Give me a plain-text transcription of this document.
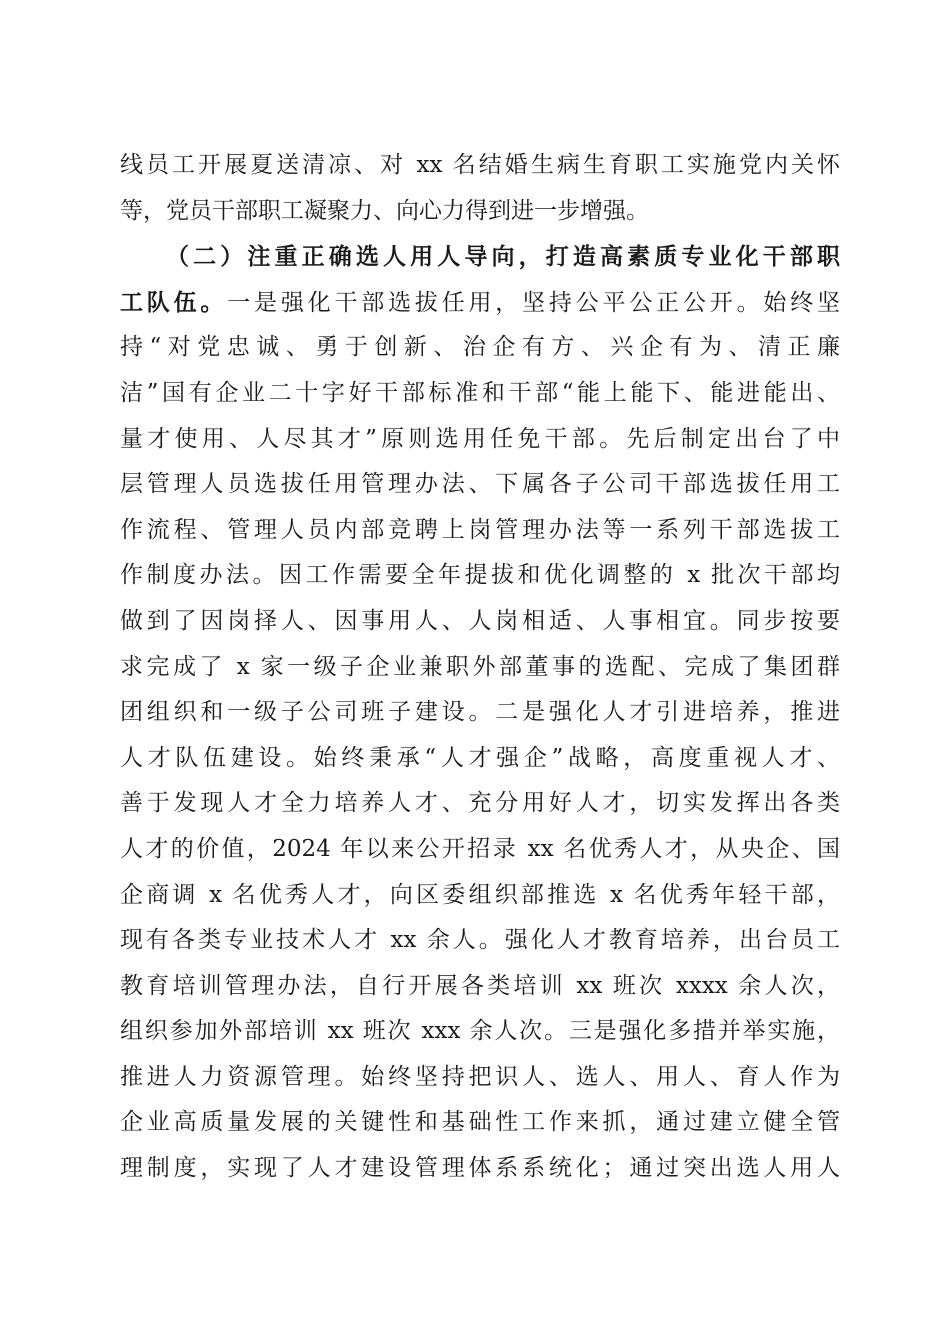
线员工开展夏送清凉、对 xx 名结婚生病生育职工实施党内关怀
等，党员干部职工凝聚力、向心力得到进一步增强。
（二）注重正确选人用人导向，打造高素质专业化干部职
工队伍。一是强化干部选拔任用，坚持公平公正公开。始终坚
持“对党忠诚、勇于创新、治企有方、兴企有为、清正廉
洁”国有企业二十字好干部标准和干部“能上能下、能进能出、
量才使用、人尽其才”原则选用任免干部。先后制定出台了中
层管理人员选拔任用管理办法、下属各子公司干部选拔任用工
作流程、管理人员内部竞聘上岗管理办法等一系列干部选拔工
作制度办法。因工作需要全年提拔和优化调整的 x 批次干部均
做到了因岗择人、因事用人、人岗相适、人事相宜。同步按要
求完成了 x 家一级子企业兼职外部董事的选配、完成了集团群
团组织和一级子公司班子建设。二是强化人才引进培养，推进
人才队伍建设。始终秉承“人才强企”战略，高度重视人才、
善于发现人才全力培养人才、充分用好人才，切实发挥出各类
人才的价值，2024 年以来公开招录 xx 名优秀人才，从央企、国
企商调 x 名优秀人才，向区委组织部推选 x 名优秀年轻干部，
现有各类专业技术人才 xx 余人。强化人才教育培养，出台员工
教育培训管理办法，自行开展各类培训 xx 班次 xxxx 余人次，
组织参加外部培训 xx 班次 xxx 余人次。三是强化多措并举实施，
推进人力资源管理。始终坚持把识人、选人、用人、育人作为
企业高质量发展的关键性和基础性工作来抓，通过建立健全管
理制度，实现了人才建设管理体系系统化；通过突出选人用人
